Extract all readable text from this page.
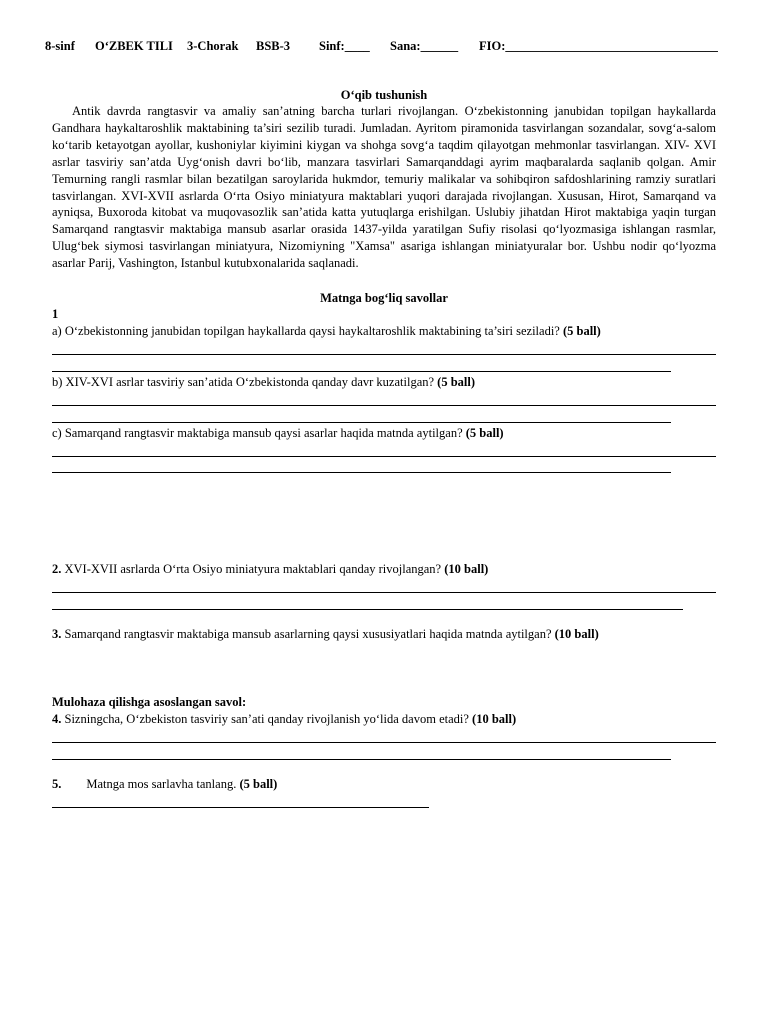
8-sinf O‘ZBEK TILI 3-Chorak BSB-3 Sinf:____ Sana:______ FIO:__________________________________
O‘qib tushunish

Antik davrda rangtasvir va amaliy san’atning barcha turlari rivojlangan. O‘zbekistonning janubidan topilgan haykallarda Gandhara haykaltaroshlik maktabining ta’siri sezilib turadi. Jumladan. Ayritom piramonida tasvirlangan sozandalar, sovg‘a-salom ko‘tarib ketayotgan ayollar, kushoniylar kiyimini kiygan va shohga sovg‘a taqdim qilayotgan mehmonlar tasvirlangan. XIV- XVI asrlar tasviriy san’atda Uyg‘onish davri bo‘lib, manzara tasvirlari Samarqanddagi ayrim maqbaralarda saqlanib qolgan. Amir Temurning rangli rasmlar bilan bezatilgan saroylarida hukmdor, temuriy malikalar va sohibqiron safdoshlarining ramziy suratlari tasvirlangan. XVI-XVII asrlarda O‘rta Osiyo miniatyura maktablari yuqori darajada rivojlangan. Xususan, Hirot, Samarqand va ayniqsa, Buxoroda kitobat va muqovasozlik san’atida katta yutuqlarga erishilgan. Uslubiy jihatdan Hirot maktabiga yaqin turgan Samarqand rangtasvir maktabiga mansub asarlar orasida 1437-yilda yaratilgan Sufiy risolasi qo‘lyozmasiga ishlangan rasmlar, Ulug‘bek siymosi tasvirlangan miniatyura, Nizomiyning "Xamsa" asariga ishlangan miniatyuralar bor. Ushbu nodir qo‘lyozma asarlar Parij, Vashington, Istanbul kutubxonalarida saqlanadi.

Matnga bog‘liq savollar
1
a) O‘zbekistonning janubidan topilgan haykallarda qaysi haykaltaroshlik maktabining ta’siri seziladi? (5 ball)
b) XIV-XVI asrlar tasviriy san’atida O‘zbekistonda qanday davr kuzatilgan? (5 ball)
c) Samarqand rangtasvir maktabiga mansub qaysi asarlar haqida matnda aytilgan? (5 ball)
2. XVI-XVII asrlarda O‘rta Osiyo miniatyura maktablari qanday rivojlangan? (10 ball)
3. Samarqand rangtasvir maktabiga mansub asarlarning qaysi xususiyatlari haqida matnda aytilgan? (10 ball)
Mulohaza qilishga asoslangan savol:
4. Sizningcha, O‘zbekiston tasviriy san’ati qanday rivojlanish yo‘lida davom etadi? (10 ball)
5.        Matnga mos sarlavha tanlang. (5 ball)
